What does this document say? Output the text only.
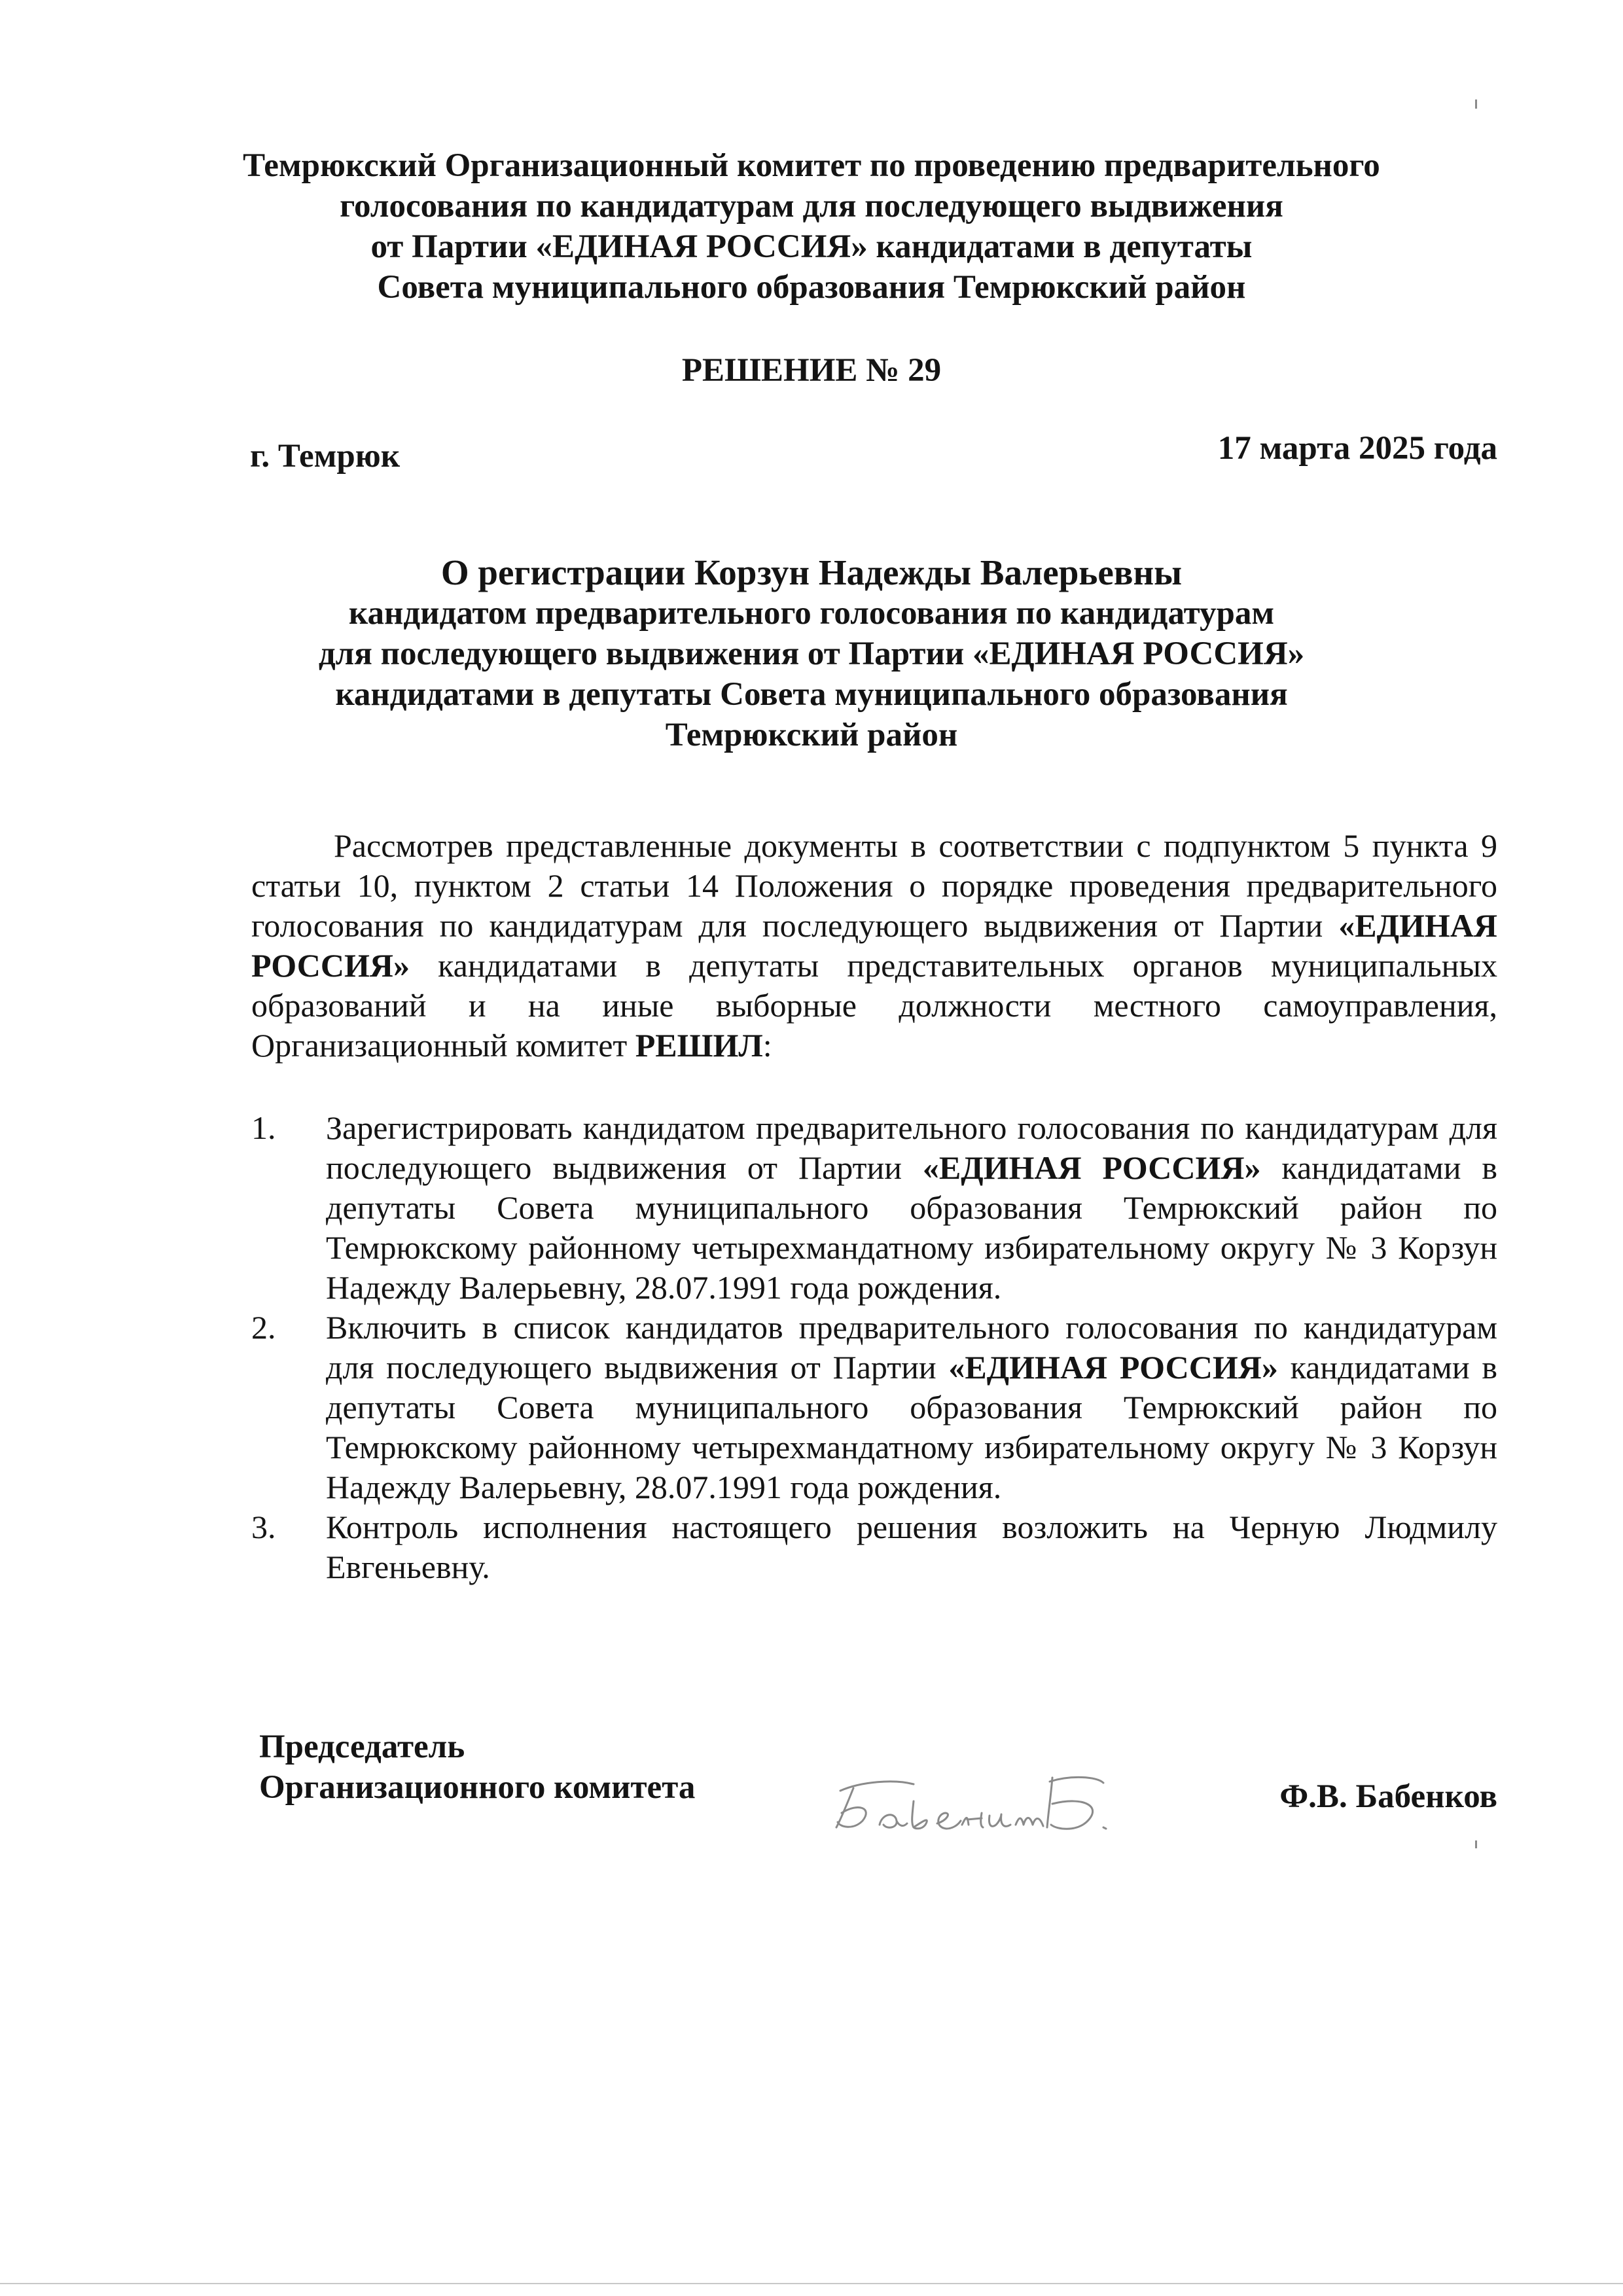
Темрюкский Организационный комитет по проведению предварительного
голосования по кандидатурам для последующего выдвижения
от Партии «ЕДИНАЯ РОССИЯ» кандидатами в депутаты
Совета муниципального образования Темрюкский район
РЕШЕНИЕ № 29
г. Темрюк	17 марта 2025 года
О регистрации Корзун Надежды Валерьевны
кандидатом предварительного голосования по кандидатурам
для последующего выдвижения от Партии «ЕДИНАЯ РОССИЯ»
кандидатами в депутаты Совета муниципального образования
Темрюкский район
Рассмотрев представленные документы в соответствии с подпунктом 5 пункта 9 статьи 10, пунктом 2 статьи 14 Положения о порядке проведения предварительного голосования по кандидатурам для последующего выдвижения от Партии «ЕДИНАЯ РОССИЯ» кандидатами в депутаты представительных органов муниципальных образований и на иные выборные должности местного самоуправления, Организационный комитет РЕШИЛ:
1. Зарегистрировать кандидатом предварительного голосования по кандидатурам для последующего выдвижения от Партии «ЕДИНАЯ РОССИЯ» кандидатами в депутаты Совета муниципального образования Темрюкский район по Темрюкскому районному четырехмандатному избирательному округу № 3 Корзун Надежду Валерьевну, 28.07.1991 года рождения.
2. Включить в список кандидатов предварительного голосования по кандидатурам для последующего выдвижения от Партии «ЕДИНАЯ РОССИЯ» кандидатами в депутаты Совета муниципального образования Темрюкский район по Темрюкскому районному четырехмандатному избирательному округу № 3 Корзун Надежду Валерьевну, 28.07.1991 года рождения.
3. Контроль исполнения настоящего решения возложить на Черную Людмилу Евгеньевну.
Председатель
Организационного комитета	Ф.В. Бабенков
